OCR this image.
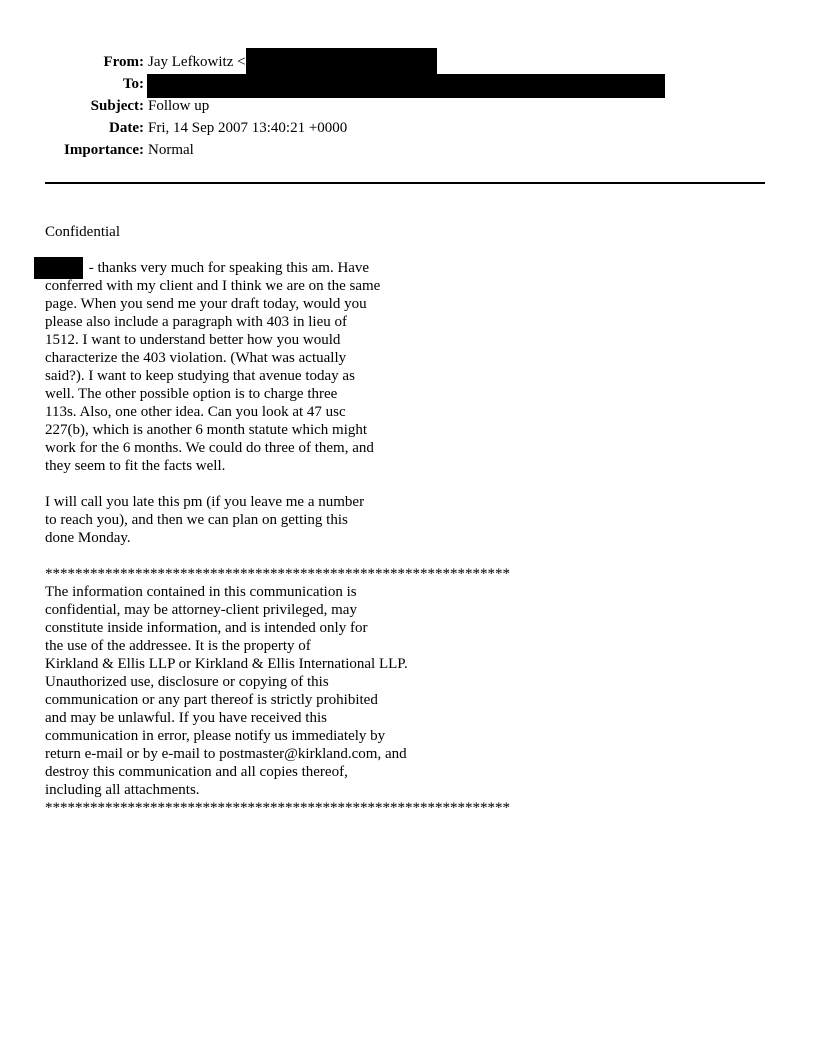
From: Jay Lefkowitz <
To:
Subject: Follow up
Date: Fri, 14 Sep 2007 13:40:21 +0000
Importance: Normal
Confidential
- thanks very much for speaking this am. Have
conferred with my client and I think we are on the same
page. When you send me your draft today, would you
please also include a paragraph with 403 in lieu of
1512. I want to understand better how you would
characterize the 403 violation. (What was actually
said?). I want to keep studying that avenue today as
well. The other possible option is to charge three
113s. Also, one other idea. Can you look at 47 usc
227(b), which is another 6 month statute which might
work for the 6 months. We could do three of them, and
they seem to fit the facts well.
I will call you late this pm (if you leave me a number
to reach you), and then we can plan on getting this
done Monday.
**************************************************************
The information contained in this communication is
confidential, may be attorney-client privileged, may
constitute inside information, and is intended only for
the use of the addressee. It is the property of
Kirkland & Ellis LLP or Kirkland & Ellis International LLP.
Unauthorized use, disclosure or copying of this
communication or any part thereof is strictly prohibited
and may be unlawful. If you have received this
communication in error, please notify us immediately by
return e-mail or by e-mail to postmaster@kirkland.com, and
destroy this communication and all copies thereof,
including all attachments.
**************************************************************
